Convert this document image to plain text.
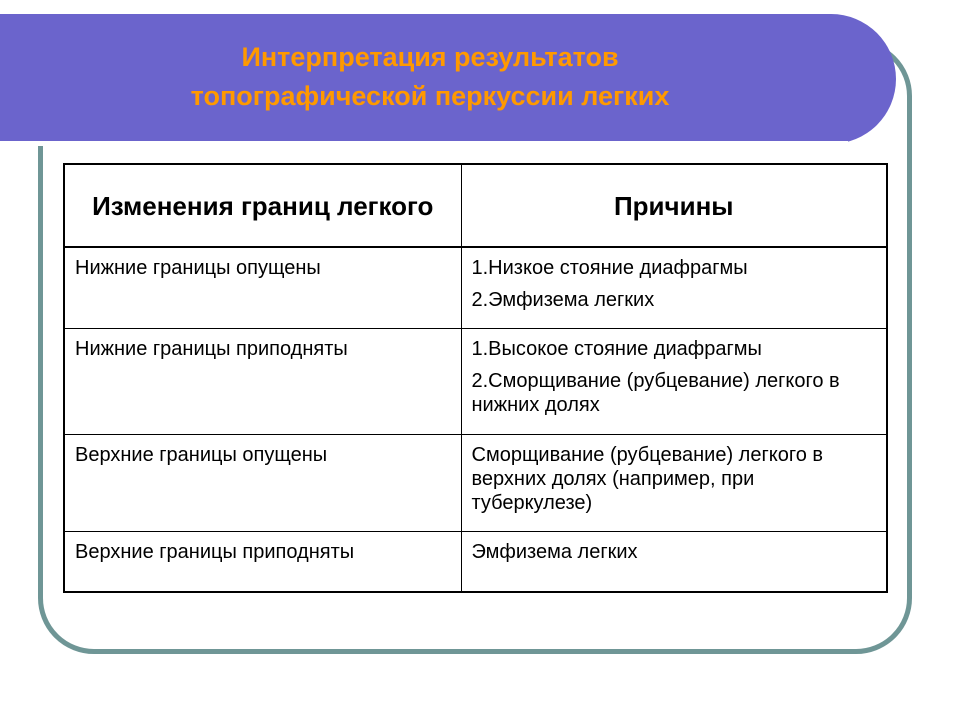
Интерпретация результатов
топографической перкуссии легких
Изменения границ легкого	Причины
Нижние границы опущены	1.Низкое стояние диафрагмы
2.Эмфизема легких

Нижние границы приподняты	1.Высокое стояние диафрагмы
2.Сморщивание (рубцевание) легкого в нижних долях

Верхние границы опущены	Сморщивание (рубцевание) легкого в верхних долях (например, при туберкулезе)

Верхние границы приподняты	Эмфизема легких
